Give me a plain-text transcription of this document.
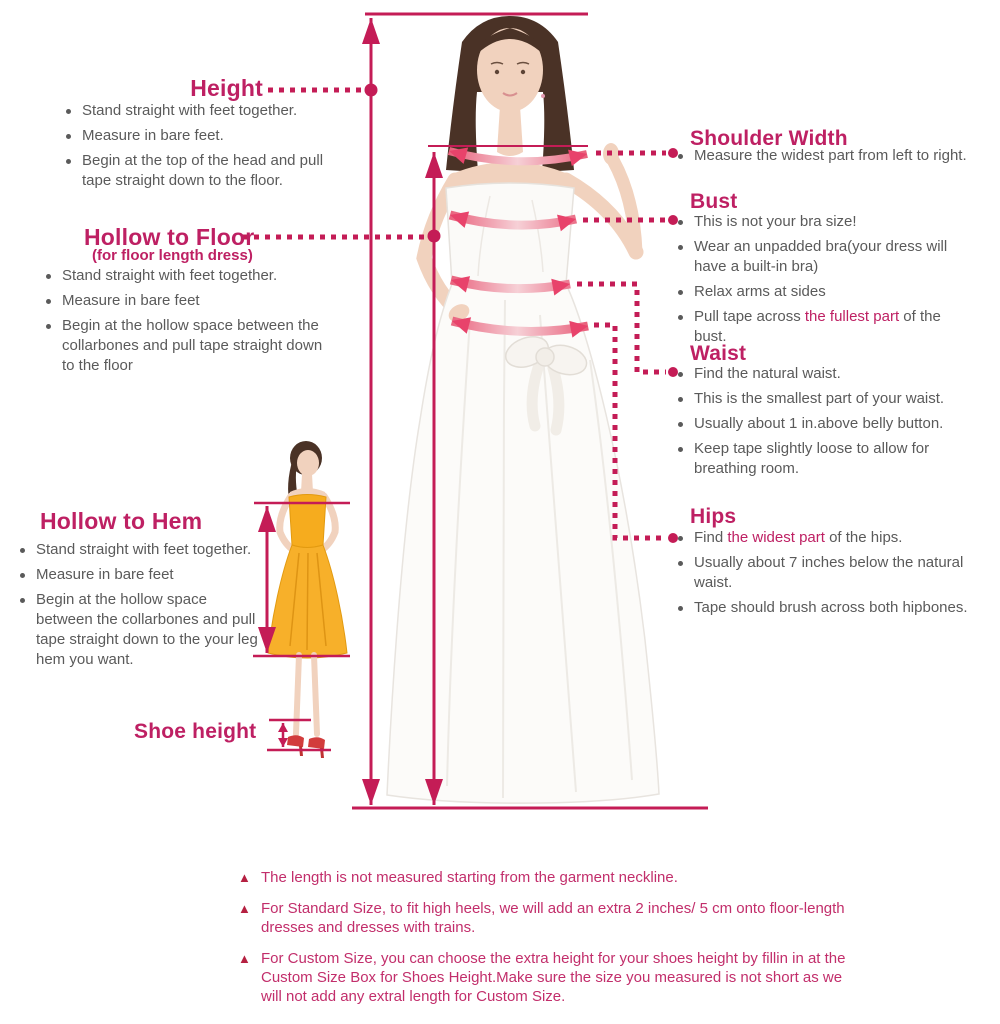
Height
Stand straight with feet together.
Measure in bare feet.
Begin at the top of the head and pull tape straight down to the floor.
Hollow to Floor
(for floor length dress)
Stand straight with feet together.
Measure in bare feet
Begin at the hollow space between the collarbones and pull tape straight down to the floor
Hollow to Hem
Stand straight with feet together.
Measure in bare feet
Begin at the hollow space between the collarbones and pull tape straight down to the your leg hem you want.
Shoe height
Shoulder Width
Measure the widest part from left to right.
Bust
This is not your bra size!
Wear an unpadded bra(your dress will have a built-in bra)
Relax arms at sides
Pull tape across the fullest part of the bust.
Waist
Find the natural waist.
This is the smallest part of your waist.
Usually about 1 in.above belly button.
Keep tape slightly loose to allow for breathing room.
Hips
Find the widest part of the hips.
Usually about 7 inches below the natural waist.
Tape should brush across both hipbones.
▲ The length is not measured starting from the garment neckline.
▲ For Standard Size, to fit high heels, we will add an extra 2 inches/ 5 cm onto floor-length dresses and dresses with trains.
▲ For Custom Size, you can choose the extra height for your shoes height by fillin in at the Custom Size Box for Shoes Height.Make sure the size you measured is not short as we will not add any extral length for Custom Size.
